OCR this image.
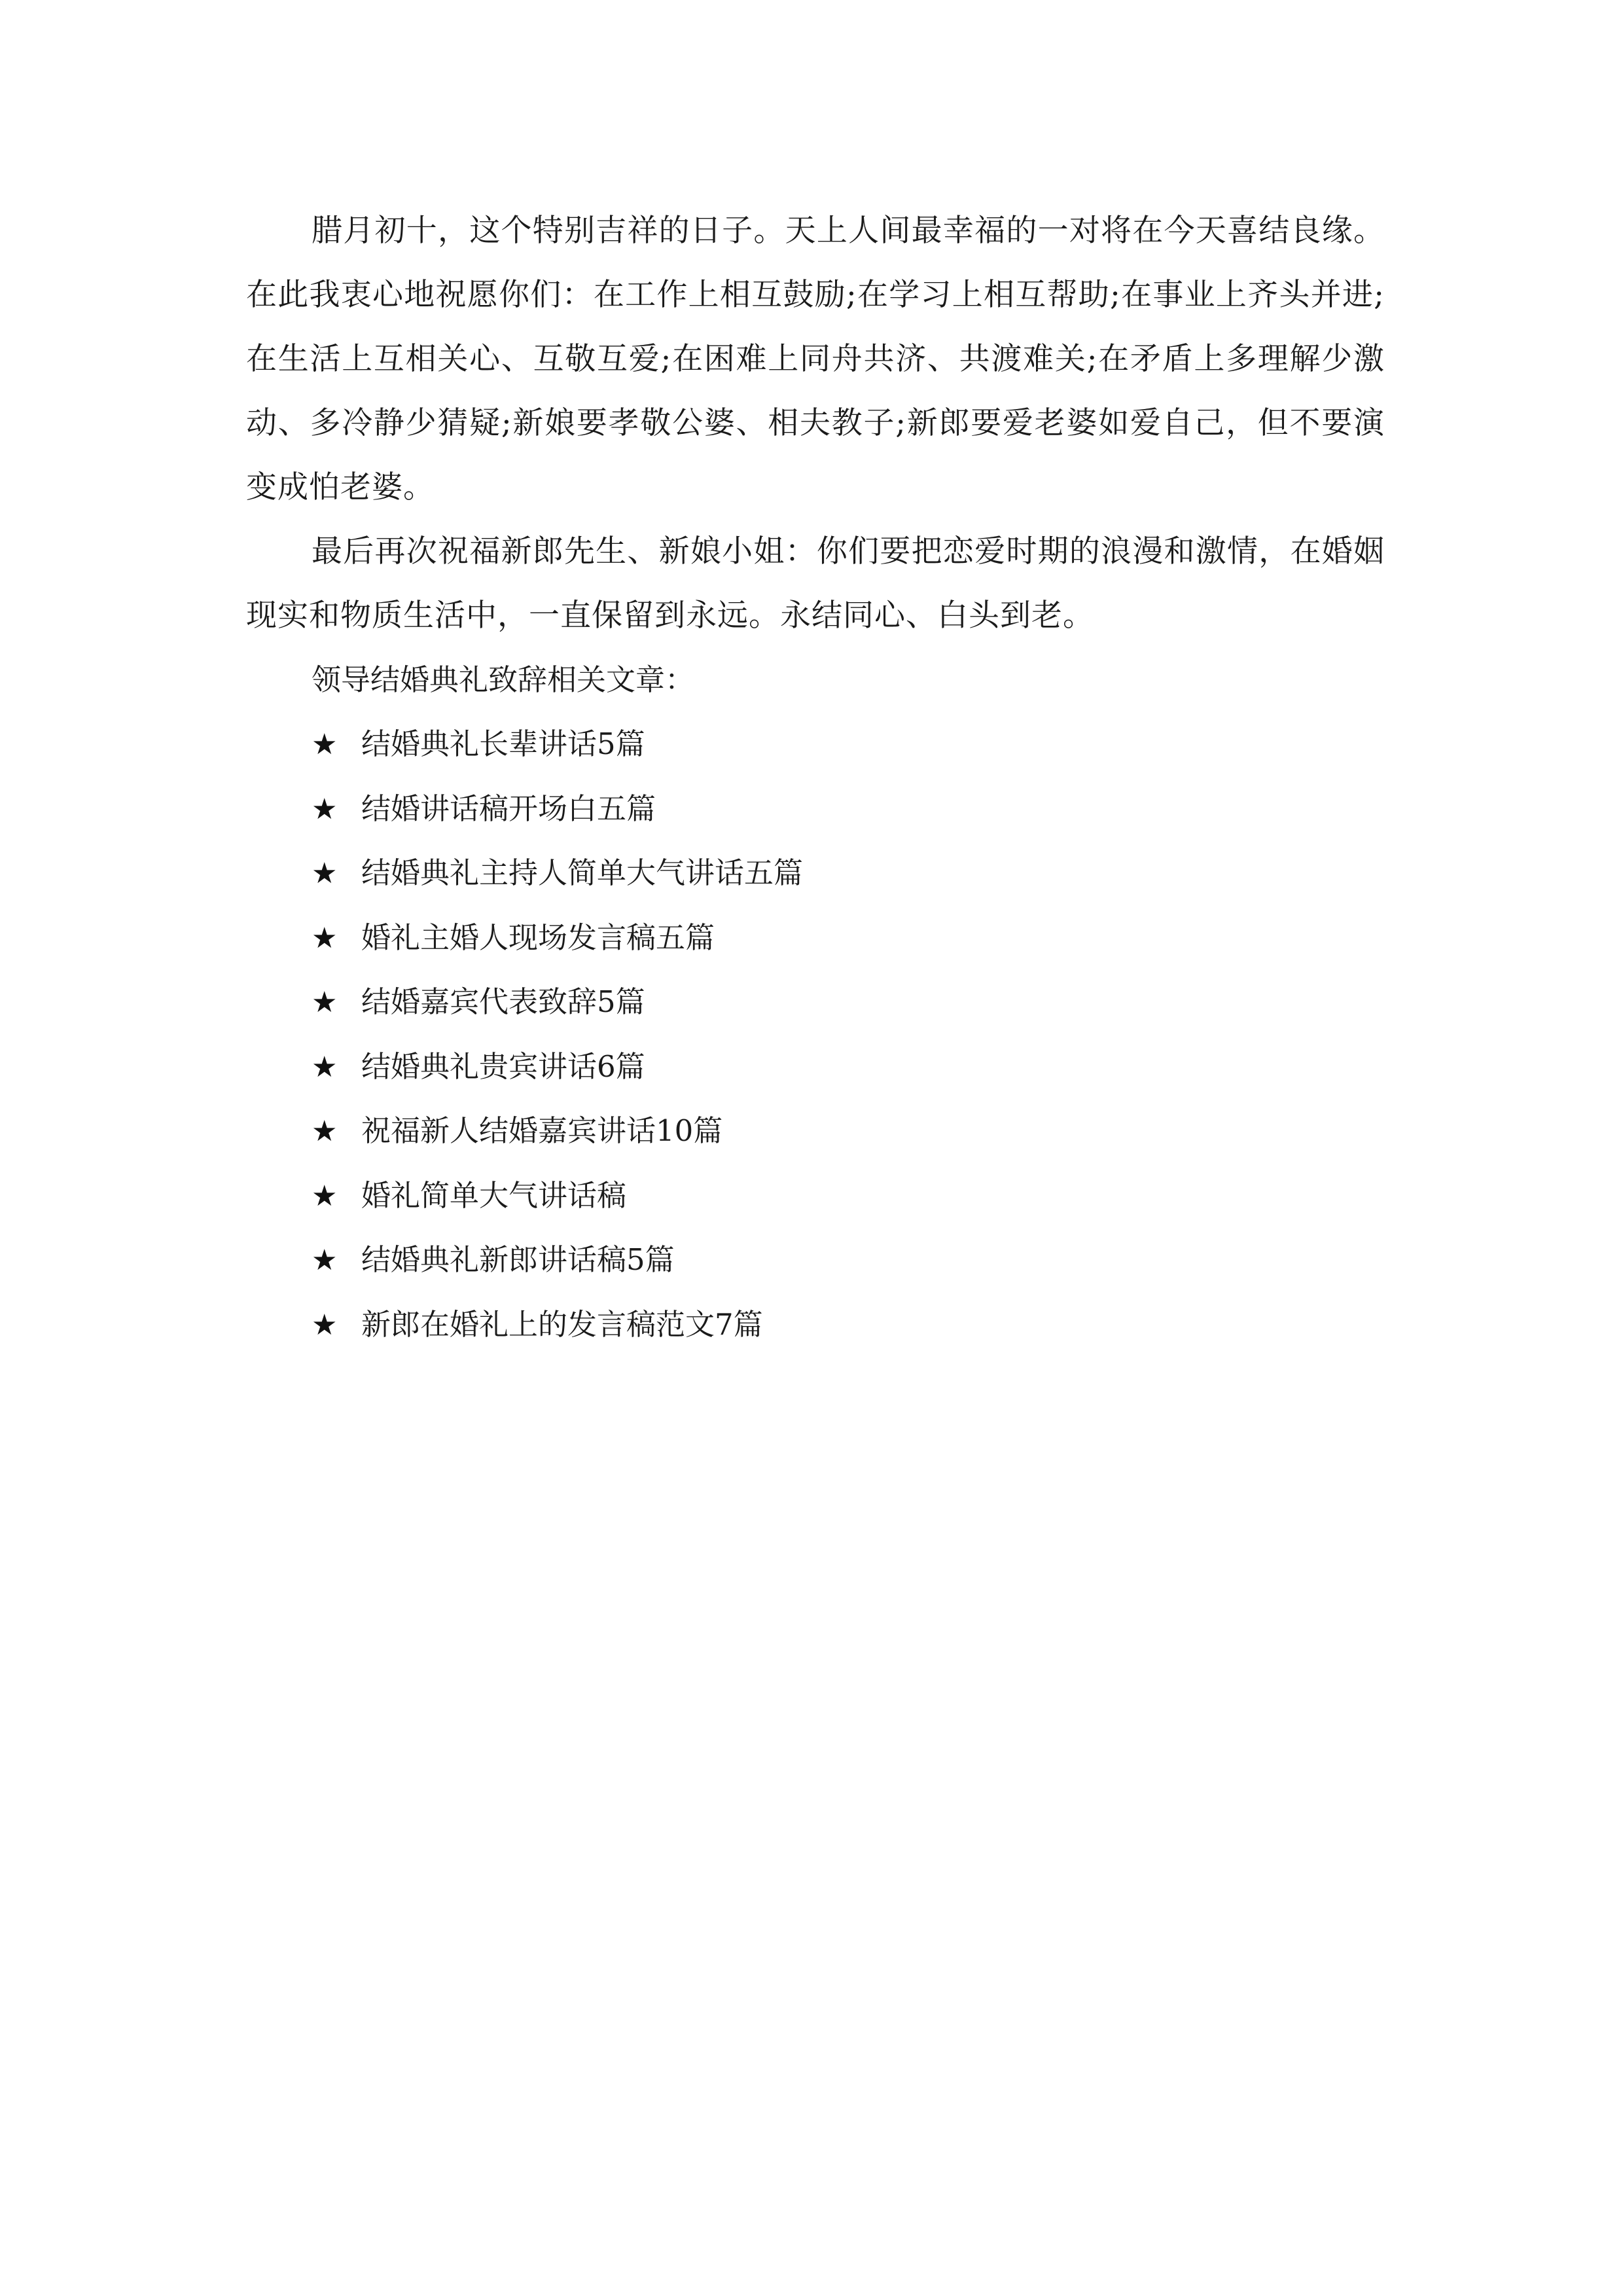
腊月初十，这个特别吉祥的日子。天上人间最幸福的一对将在今天喜结良缘。在此我衷心地祝愿你们：在工作上相互鼓励;在学习上相互帮助;在事业上齐头并进;在生活上互相关心、互敬互爱;在困难上同舟共济、共渡难关;在矛盾上多理解少激动、多冷静少猜疑;新娘要孝敬公婆、相夫教子;新郎要爱老婆如爱自己，但不要演变成怕老婆。

最后再次祝福新郎先生、新娘小姐：你们要把恋爱时期的浪漫和激情，在婚姻现实和物质生活中，一直保留到永远。永结同心、白头到老。

领导结婚典礼致辞相关文章：

★ 结婚典礼长辈讲话5篇
★ 结婚讲话稿开场白五篇
★ 结婚典礼主持人简单大气讲话五篇
★ 婚礼主婚人现场发言稿五篇
★ 结婚嘉宾代表致辞5篇
★ 结婚典礼贵宾讲话6篇
★ 祝福新人结婚嘉宾讲话10篇
★ 婚礼简单大气讲话稿
★ 结婚典礼新郎讲话稿5篇
★ 新郎在婚礼上的发言稿范文7篇
